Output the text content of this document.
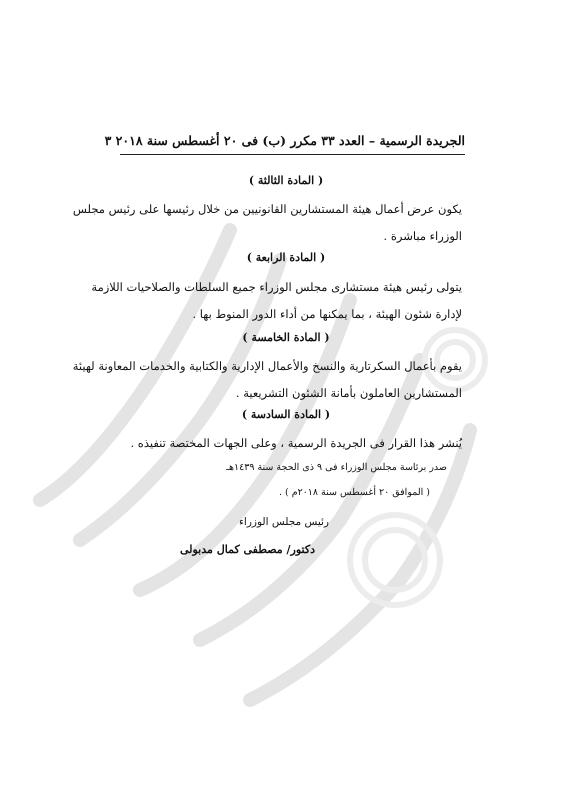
الجريدة الرسمية – العدد ٣٣ مكرر (ب) فى ٢٠ أغسطس سنة ٢٠١٨ ٣
( المادة الثالثة )
يكون عرض أعمال هيئة المستشارين القانونيين من خلال رئيسها على رئيس مجلس
الوزراء مباشرة .
( المادة الرابعة )
يتولى رئيس هيئة مستشارى مجلس الوزراء جميع السلطات والصلاحيات اللازمة
لإدارة شئون الهيئة ، بما يمكنها من أداء الدور المنوط بها .
( المادة الخامسة )
يقوم بأعمال السكرتارية والنسخ والأعمال الإدارية والكتابية والخدمات المعاونة لهيئة
المستشارين العاملون بأمانة الشئون التشريعية .
( المادة السادسة )
يُنشر هذا القرار فى الجريدة الرسمية ، وعلى الجهات المختصة تنفيذه .
صدر برئاسة مجلس الوزراء فى ٩ ذى الحجة سنة ١٤٣٩هـ
( الموافق ٢٠ أغسطس سنة ٢٠١٨م ) .
رئيس مجلس الوزراء
دكتور/ مصطفى كمال مدبولى
